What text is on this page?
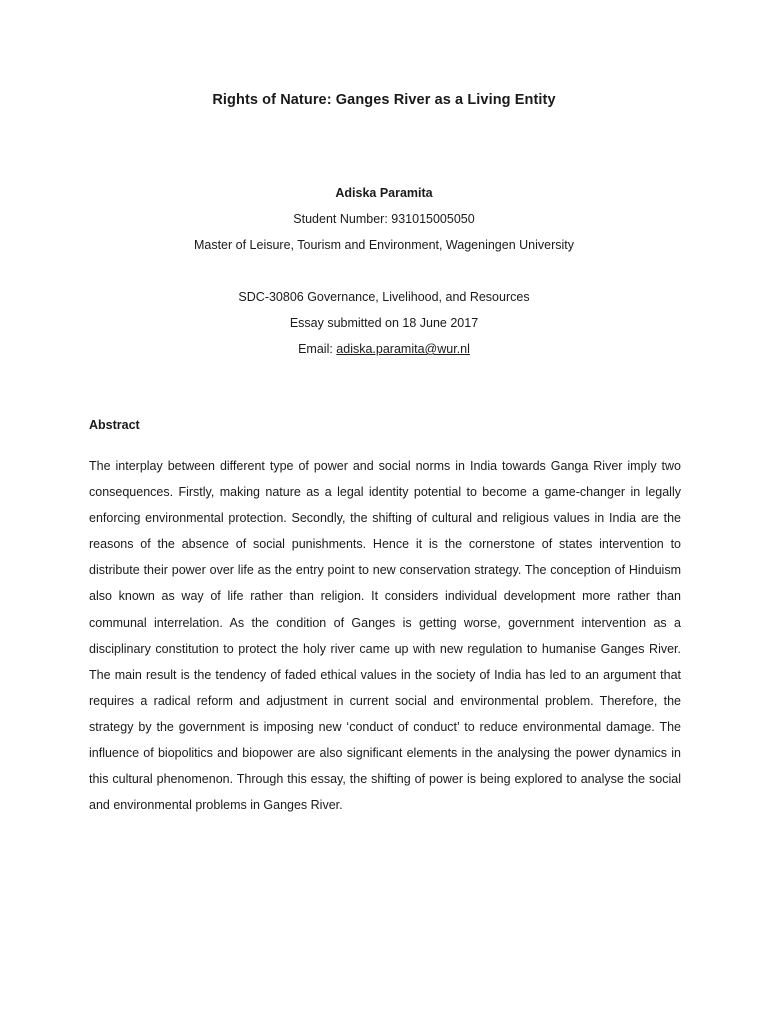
Rights of Nature: Ganges River as a Living Entity
Adiska Paramita
Student Number: 931015005050
Master of Leisure, Tourism and Environment, Wageningen University
SDC-30806 Governance, Livelihood, and Resources
Essay submitted on 18 June 2017
Email: adiska.paramita@wur.nl
Abstract
The interplay between different type of power and social norms in India towards Ganga River imply two consequences. Firstly, making nature as a legal identity potential to become a game-changer in legally enforcing environmental protection. Secondly, the shifting of cultural and religious values in India are the reasons of the absence of social punishments. Hence it is the cornerstone of states intervention to distribute their power over life as the entry point to new conservation strategy. The conception of Hinduism also known as way of life rather than religion. It considers individual development more rather than communal interrelation. As the condition of Ganges is getting worse, government intervention as a disciplinary constitution to protect the holy river came up with new regulation to humanise Ganges River. The main result is the tendency of faded ethical values in the society of India has led to an argument that requires a radical reform and adjustment in current social and environmental problem. Therefore, the strategy by the government is imposing new ‘conduct of conduct’ to reduce environmental damage. The influence of biopolitics and biopower are also significant elements in the analysing the power dynamics in this cultural phenomenon. Through this essay, the shifting of power is being explored to analyse the social and environmental problems in Ganges River.
